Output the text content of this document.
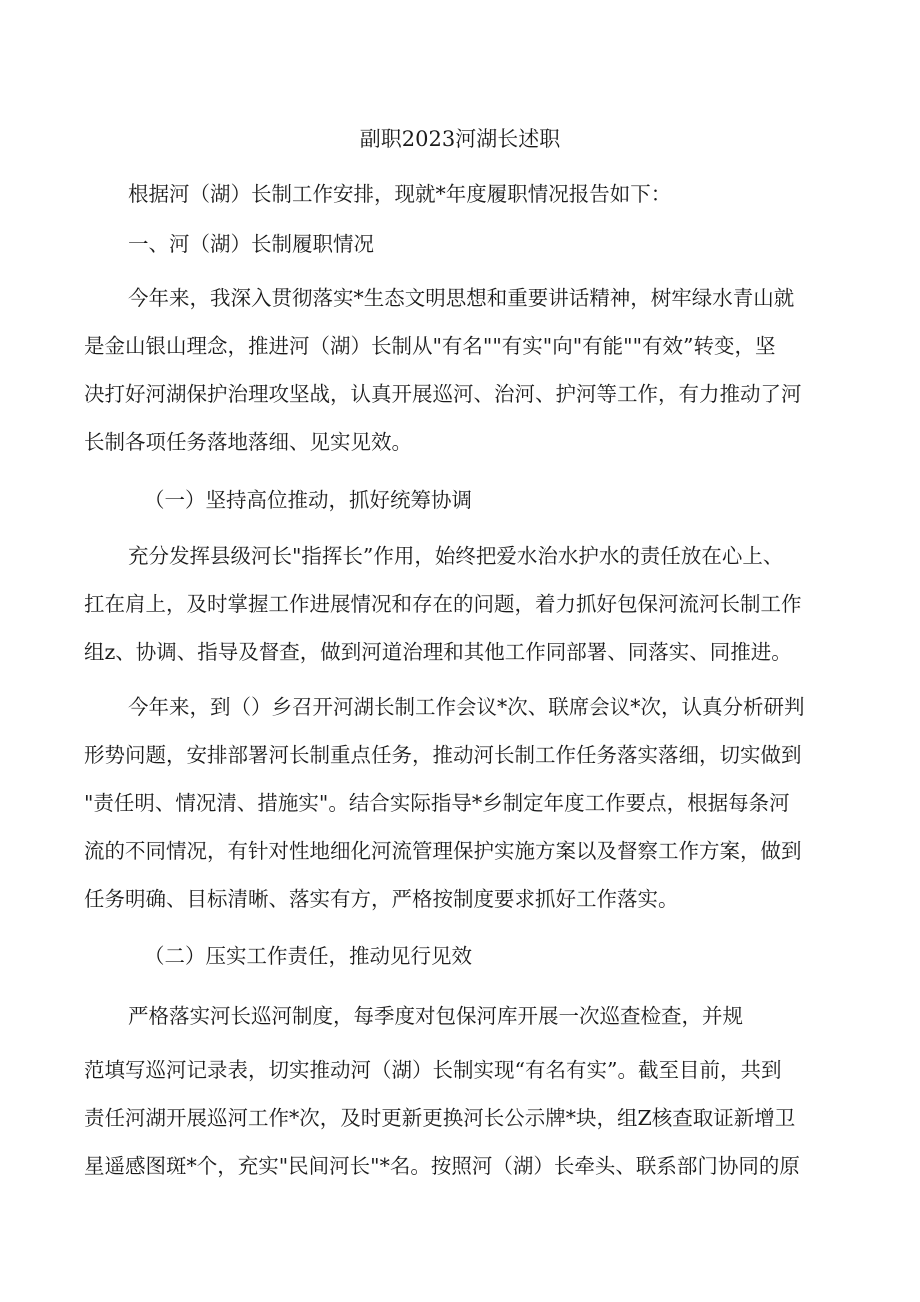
副职2023河湖长述职
根据河（湖）长制工作安排，现就*年度履职情况报告如下：
一、河（湖）长制履职情况
今年来，我深入贯彻落实*生态文明思想和重要讲话精神，树牢绿水青山就
是金山银山理念，推进河（湖）长制从"有名""有实"向"有能""有效”转变，坚
决打好河湖保护治理攻坚战，认真开展巡河、治河、护河等工作，有力推动了河
长制各项任务落地落细、见实见效。
（一）坚持高位推动，抓好统筹协调
充分发挥县级河长"指挥长”作用，始终把爱水治水护水的责任放在心上、
扛在肩上，及时掌握工作进展情况和存在的问题，着力抓好包保河流河长制工作
组z、协调、指导及督查，做到河道治理和其他工作同部署、同落实、同推进。
今年来，到（）乡召开河湖长制工作会议*次、联席会议*次，认真分析研判
形势问题，安排部署河长制重点任务，推动河长制工作任务落实落细，切实做到
"责任明、情况清、措施实"。结合实际指导*乡制定年度工作要点，根据每条河
流的不同情况，有针对性地细化河流管理保护实施方案以及督察工作方案，做到
任务明确、目标清晰、落实有方，严格按制度要求抓好工作落实。
（二）压实工作责任，推动见行见效
严格落实河长巡河制度，每季度对包保河库开展一次巡查检查，并规
范填写巡河记录表，切实推动河（湖）长制实现“有名有实”。截至目前，共到
责任河湖开展巡河工作*次，及时更新更换河长公示牌*块，组Z核查取证新增卫
星遥感图斑*个，充实"民间河长"*名。按照河（湖）长牵头、联系部门协同的原
